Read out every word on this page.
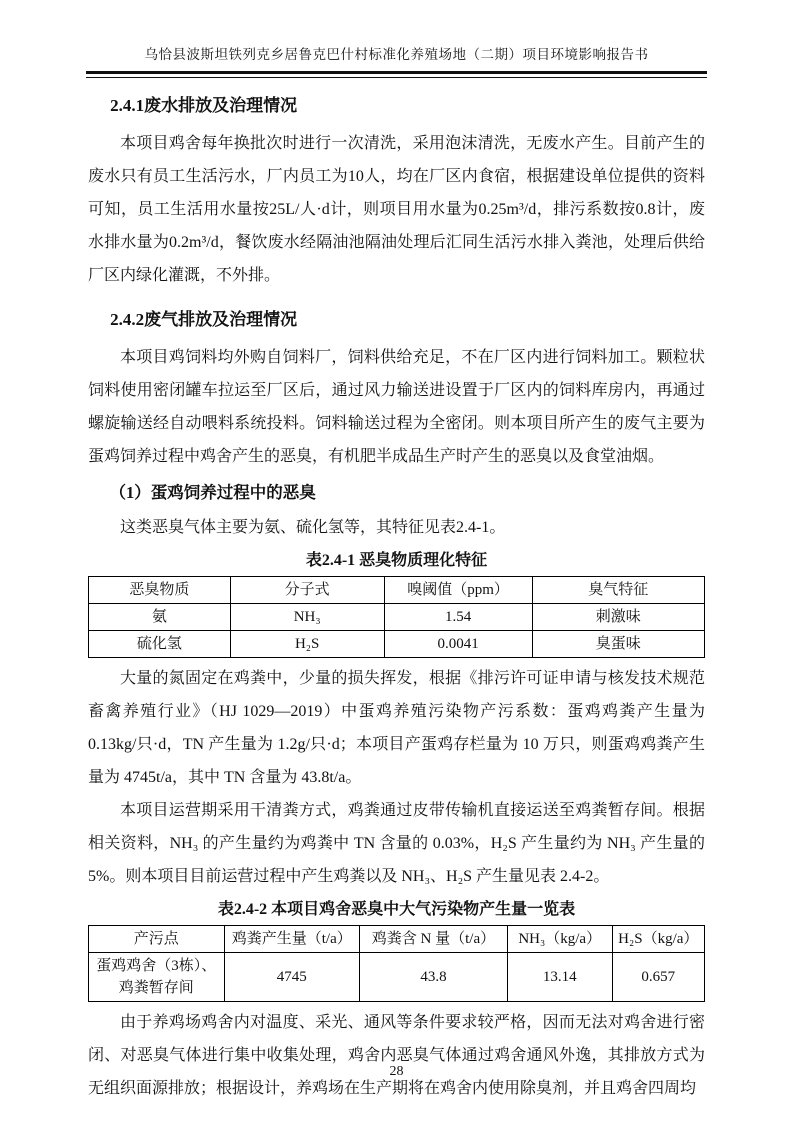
乌恰县波斯坦铁列克乡居鲁克巴什村标准化养殖场地（二期）项目环境影响报告书
2.4.1废水排放及治理情况

本项目鸡舍每年换批次时进行一次清洗，采用泡沫清洗，无废水产生。目前产生的废水只有员工生活污水，厂内员工为10人，均在厂区内食宿，根据建设单位提供的资料可知，员工生活用水量按25L/人·d计，则项目用水量为0.25m³/d，排污系数按0.8计，废水排水量为0.2m³/d，餐饮废水经隔油池隔油处理后汇同生活污水排入粪池，处理后供给厂区内绿化灌溉，不外排。

2.4.2废气排放及治理情况

本项目鸡饲料均外购自饲料厂，饲料供给充足，不在厂区内进行饲料加工。颗粒状饲料使用密闭罐车拉运至厂区后，通过风力输送进设置于厂区内的饲料库房内，再通过螺旋输送经自动喂料系统投料。饲料输送过程为全密闭。则本项目所产生的废气主要为蛋鸡饲养过程中鸡舍产生的恶臭，有机肥半成品生产时产生的恶臭以及食堂油烟。

（1）蛋鸡饲养过程中的恶臭

这类恶臭气体主要为氨、硫化氢等，其特征见表2.4-1。

表2.4-1 恶臭物质理化特征
恶臭物质	分子式	嗅阈值（ppm）	臭气特征
氨	NH₃	1.54	刺激味
硫化氢	H₂S	0.0041	臭蛋味

大量的氮固定在鸡粪中，少量的损失挥发，根据《排污许可证申请与核发技术规范 畜禽养殖行业》（HJ 1029—2019）中蛋鸡养殖污染物产污系数：蛋鸡鸡粪产生量为0.13kg/只·d，TN 产生量为 1.2g/只·d；本项目产蛋鸡存栏量为 10 万只，则蛋鸡鸡粪产生量为 4745t/a，其中 TN 含量为 43.8t/a。

本项目运营期采用干清粪方式，鸡粪通过皮带传输机直接运送至鸡粪暂存间。根据相关资料，NH₃ 的产生量约为鸡粪中 TN 含量的 0.03%，H₂S 产生量约为 NH₃ 产生量的 5%。则本项目目前运营过程中产生鸡粪以及 NH₃、H₂S 产生量见表 2.4-2。

表2.4-2 本项目鸡舍恶臭中大气污染物产生量一览表
产污点	鸡粪产生量（t/a）	鸡粪含 N 量（t/a）	NH₃（kg/a）	H₂S（kg/a）
蛋鸡鸡舍（3栋）、鸡粪暂存间	4745	43.8	13.14	0.657

由于养鸡场鸡舍内对温度、采光、通风等条件要求较严格，因而无法对鸡舍进行密闭、对恶臭气体进行集中收集处理，鸡舍内恶臭气体通过鸡舍通风外逸，其排放方式为无组织面源排放；根据设计，养鸡场在生产期将在鸡舍内使用除臭剂，并且鸡舍四周均

28
